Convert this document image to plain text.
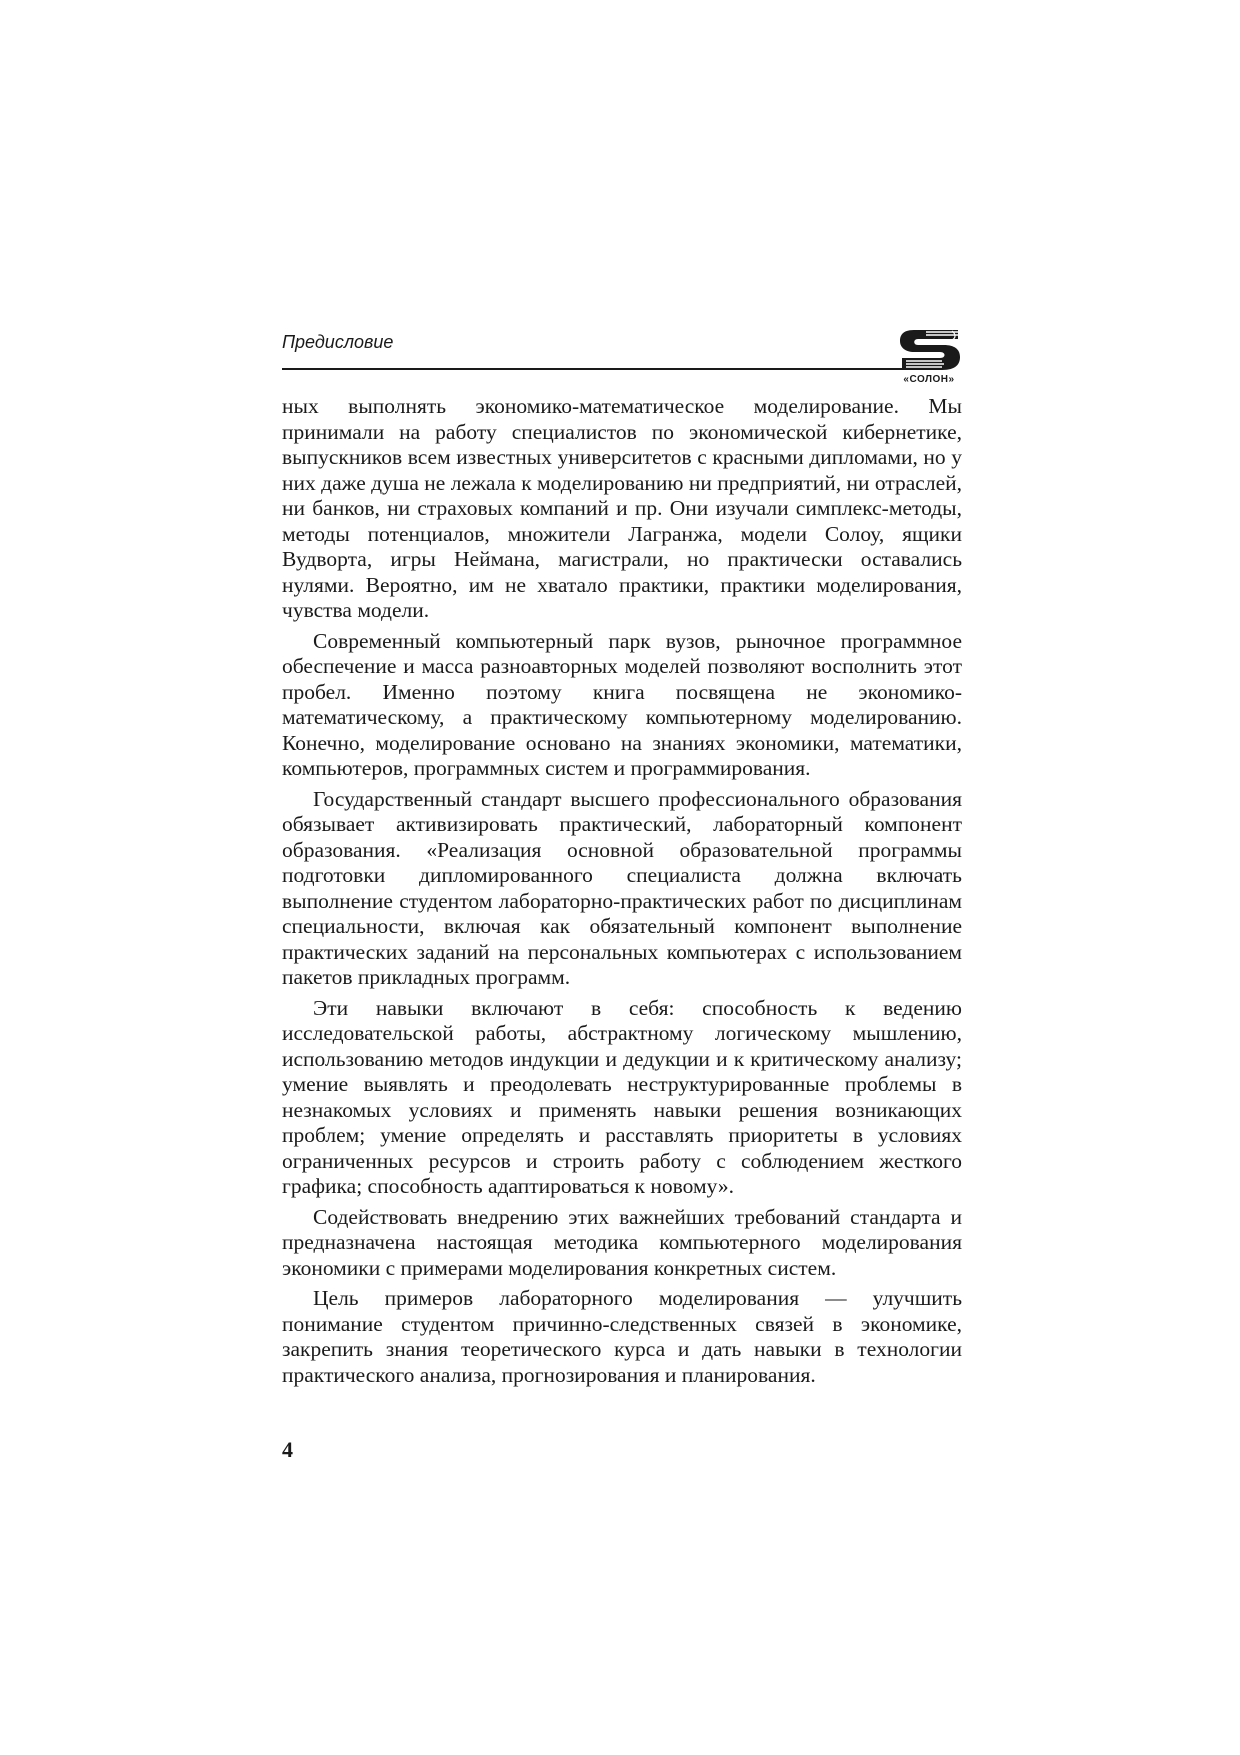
Предисловие
«СОЛОН»

ных выполнять экономико-математическое моделирование. Мы принимали на работу специалистов по экономической кибернетике, выпускников всем известных университетов с красными дипломами, но у них даже душа не лежала к моделированию ни предприятий, ни отраслей, ни банков, ни страховых компаний и пр. Они изучали симплекс-методы, методы потенциалов, множители Лагранжа, модели Солоу, ящики Вудворта, игры Неймана, магистрали, но практически оставались нулями. Вероятно, им не хватало практики, практики моделирования, чувства модели.

Современный компьютерный парк вузов, рыночное программное обеспечение и масса разноавторных моделей позволяют восполнить этот пробел. Именно поэтому книга посвящена не экономико-математическому, а практическому компьютерному моделированию. Конечно, моделирование основано на знаниях экономики, математики, компьютеров, программных систем и программирования.

Государственный стандарт высшего профессионального образования обязывает активизировать практический, лабораторный компонент образования. «Реализация основной образовательной программы подготовки дипломированного специалиста должна включать выполнение студентом лабораторно-практических работ по дисциплинам специальности, включая как обязательный компонент выполнение практических заданий на персональных компьютерах с использованием пакетов прикладных программ.

Эти навыки включают в себя: способность к ведению исследовательской работы, абстрактному логическому мышлению, использованию методов индукции и дедукции и к критическому анализу; умение выявлять и преодолевать неструктурированные проблемы в незнакомых условиях и применять навыки решения возникающих проблем; умение определять и расставлять приоритеты в условиях ограниченных ресурсов и строить работу с соблюдением жесткого графика; способность адаптироваться к новому».

Содействовать внедрению этих важнейших требований стандарта и предназначена настоящая методика компьютерного моделирования экономики с примерами моделирования конкретных систем.

Цель примеров лабораторного моделирования — улучшить понимание студентом причинно-следственных связей в экономике, закрепить знания теоретического курса и дать навыки в технологии практического анализа, прогнозирования и планирования.

4
